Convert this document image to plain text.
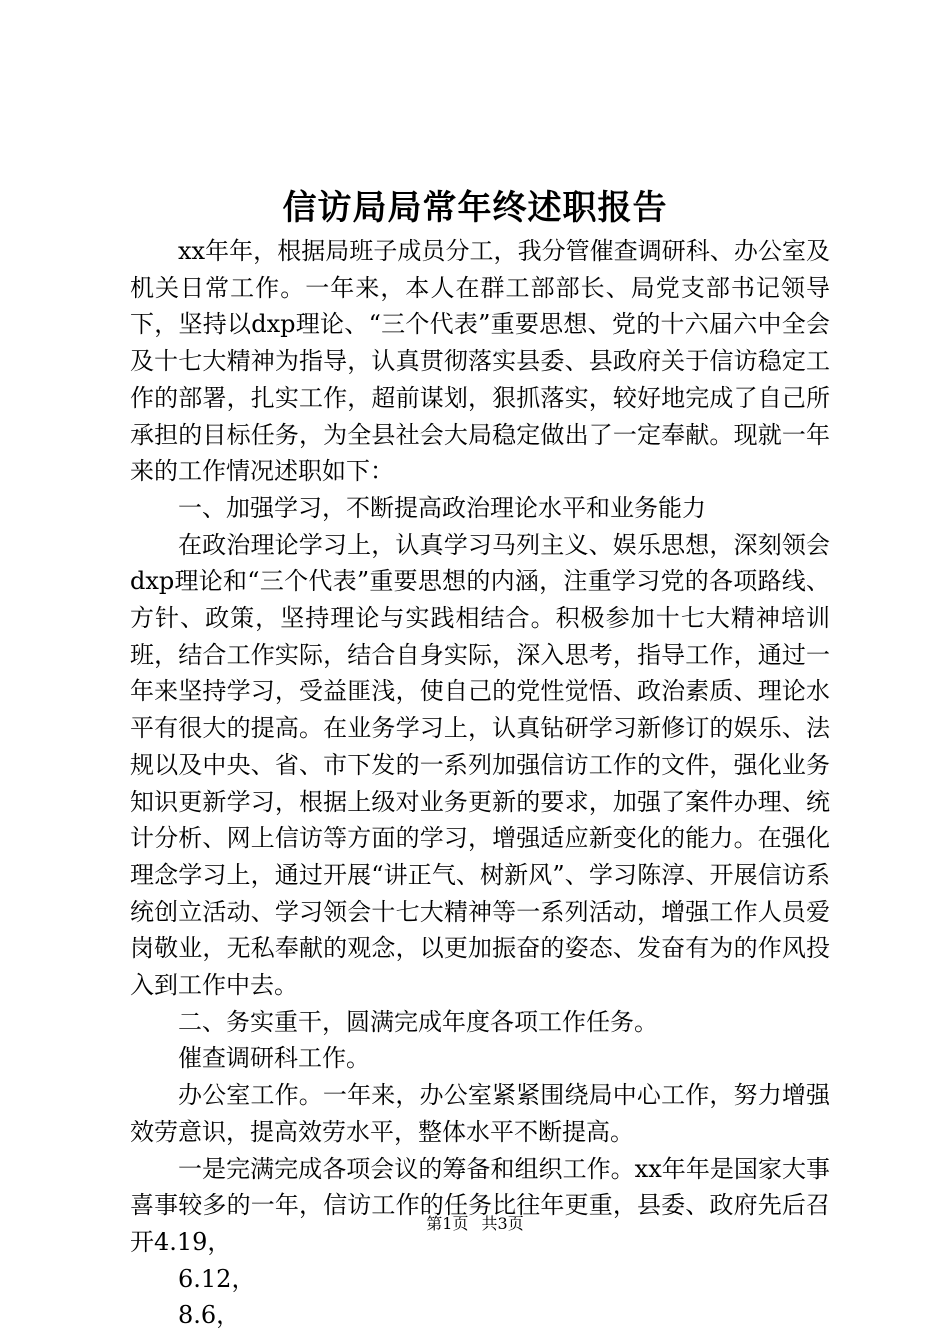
信访局局常年终述职报告

xx年年，根据局班子成员分工，我分管催查调研科、办公室及机关日常工作。一年来，本人在群工部部长、局党支部书记领导下，坚持以dxp理论、“三个代表”重要思想、党的十六届六中全会及十七大精神为指导，认真贯彻落实县委、县政府关于信访稳定工作的部署，扎实工作，超前谋划，狠抓落实，较好地完成了自己所承担的目标任务，为全县社会大局稳定做出了一定奉献。现就一年来的工作情况述职如下：

一、加强学习，不断提高政治理论水平和业务能力

在政治理论学习上，认真学习马列主义、娱乐思想，深刻领会dxp理论和“三个代表”重要思想的内涵，注重学习党的各项路线、方针、政策，坚持理论与实践相结合。积极参加十七大精神培训班，结合工作实际，结合自身实际，深入思考，指导工作，通过一年来坚持学习，受益匪浅，使自己的党性觉悟、政治素质、理论水平有很大的提高。在业务学习上，认真钻研学习新修订的娱乐、法规以及中央、省、市下发的一系列加强信访工作的文件，强化业务知识更新学习，根据上级对业务更新的要求，加强了案件办理、统计分析、网上信访等方面的学习，增强适应新变化的能力。在强化理念学习上，通过开展“讲正气、树新风”、学习陈淳、开展信访系统创立活动、学习领会十七大精神等一系列活动，增强工作人员爱岗敬业，无私奉献的观念，以更加振奋的姿态、发奋有为的作风投入到工作中去。

二、务实重干，圆满完成年度各项工作任务。

催查调研科工作。

办公室工作。一年来，办公室紧紧围绕局中心工作，努力增强效劳意识，提高效劳水平，整体水平不断提高。

一是完满完成各项会议的筹备和组织工作。xx年年是国家大事喜事较多的一年，信访工作的任务比往年更重，县委、政府先后召开4.19，

6.12，

8.6，

第1页 共3页
